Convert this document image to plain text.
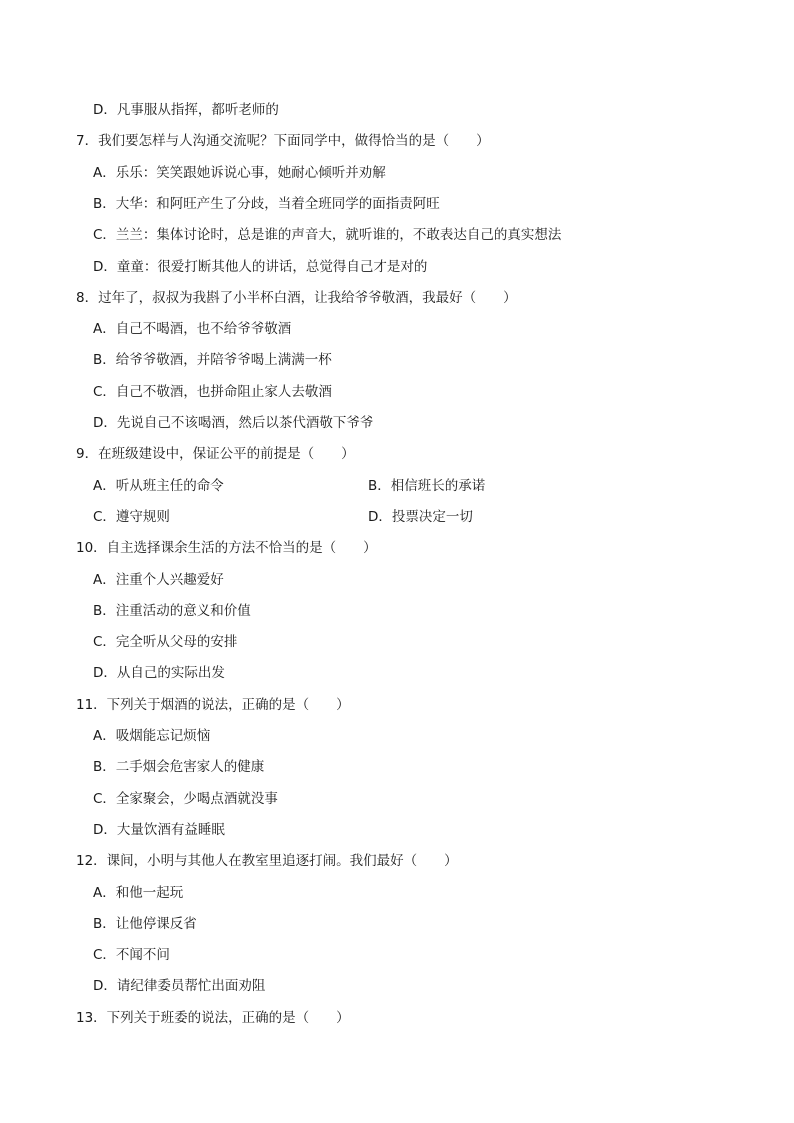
D．凡事服从指挥，都听老师的
7．我们要怎样与人沟通交流呢？下面同学中，做得恰当的是（　　）
A．乐乐：笑笑跟她诉说心事，她耐心倾听并劝解
B．大华：和阿旺产生了分歧，当着全班同学的面指责阿旺
C．兰兰：集体讨论时，总是谁的声音大，就听谁的，不敢表达自己的真实想法
D．童童：很爱打断其他人的讲话，总觉得自己才是对的
8．过年了，叔叔为我斟了小半杯白酒，让我给爷爷敬酒，我最好（　　）
A．自己不喝酒，也不给爷爷敬酒
B．给爷爷敬酒，并陪爷爷喝上满满一杯
C．自己不敬酒，也拼命阻止家人去敬酒
D．先说自己不该喝酒，然后以茶代酒敬下爷爷
9．在班级建设中，保证公平的前提是（　　）
A．听从班主任的命令	B．相信班长的承诺
C．遵守规则	D．投票决定一切
10．自主选择课余生活的方法不恰当的是（　　）
A．注重个人兴趣爱好
B．注重活动的意义和价值
C．完全听从父母的安排
D．从自己的实际出发
11．下列关于烟酒的说法，正确的是（　　）
A．吸烟能忘记烦恼
B．二手烟会危害家人的健康
C．全家聚会，少喝点酒就没事
D．大量饮酒有益睡眠
12．课间，小明与其他人在教室里追逐打闹。我们最好（　　）
A．和他一起玩
B．让他停课反省
C．不闻不问
D．请纪律委员帮忙出面劝阻
13．下列关于班委的说法，正确的是（　　）
